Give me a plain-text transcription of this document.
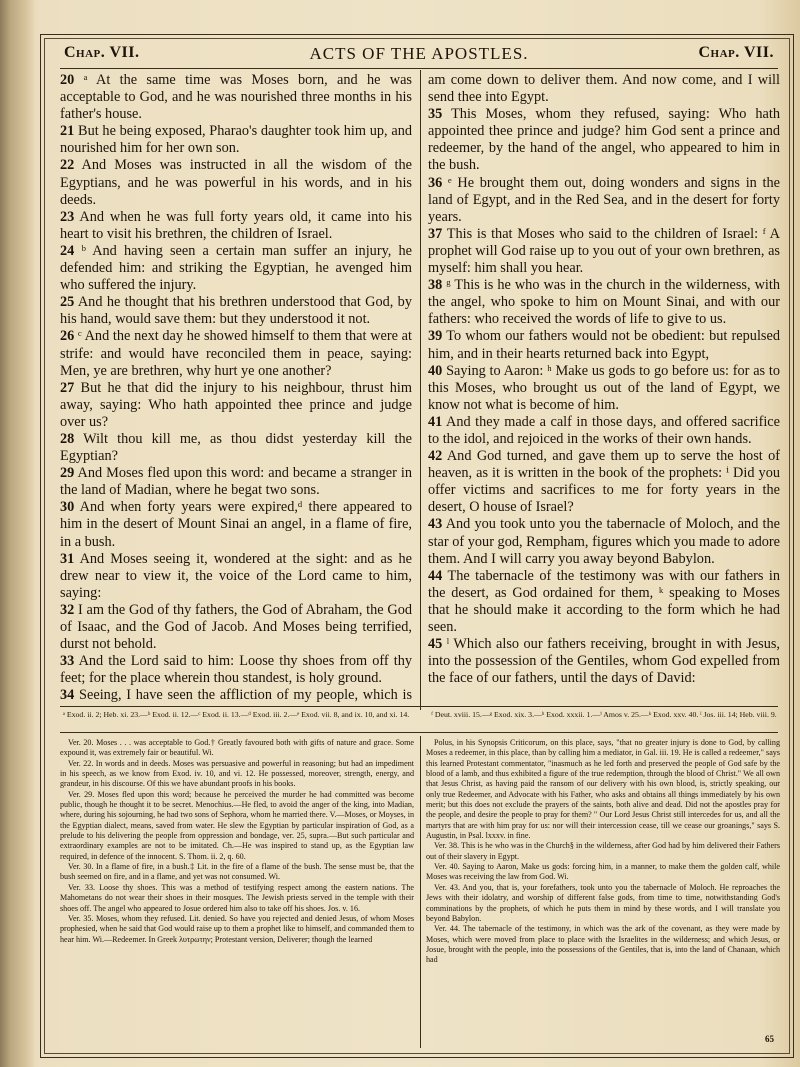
Chap. VII.	ACTS OF THE APOSTLES.	Chap. VII.

20 ᵃ At the same time was Moses born, and he was acceptable to God, and he was nourished three months in his father's house.

21 But he being exposed, Pharao's daughter took him up, and nourished him for her own son.

22 And Moses was instructed in all the wisdom of the Egyptians, and he was powerful in his words, and in his deeds.

23 And when he was full forty years old, it came into his heart to visit his brethren, the children of Israel.

24 ᵇ And having seen a certain man suffer an injury, he defended him: and striking the Egyptian, he avenged him who suffered the injury.

25 And he thought that his brethren understood that God, by his hand, would save them: but they understood it not.

26 ᶜ And the next day he showed himself to them that were at strife: and would have reconciled them in peace, saying: Men, ye are brethren, why hurt ye one another?

27 But he that did the injury to his neighbour, thrust him away, saying: Who hath appointed thee prince and judge over us?

28 Wilt thou kill me, as thou didst yesterday kill the Egyptian?

29 And Moses fled upon this word: and became a stranger in the land of Madian, where he begat two sons.

30 And when forty years were expired,ᵈ there appeared to him in the desert of Mount Sinai an angel, in a flame of fire, in a bush.

31 And Moses seeing it, wondered at the sight: and as he drew near to view it, the voice of the Lord came to him, saying:

32 I am the God of thy fathers, the God of Abraham, the God of Isaac, and the God of Jacob. And Moses being terrified, durst not behold.

33 And the Lord said to him: Loose thy shoes from off thy feet; for the place wherein thou standest, is holy ground.

34 Seeing, I have seen the affliction of my people, which is

am come down to deliver them. And now come, and I will send thee into Egypt.

35 This Moses, whom they refused, saying: Who hath appointed thee prince and judge? him God sent a prince and redeemer, by the hand of the angel, who appeared to him in the bush.

36 ᵉ He brought them out, doing wonders and signs in the land of Egypt, and in the Red Sea, and in the desert for forty years.

37 This is that Moses who said to the children of Israel: ᶠ A prophet will God raise up to you out of your own brethren, as myself: him shall you hear.

38 ᵍ This is he who was in the church in the wilderness, with the angel, who spoke to him on Mount Sinai, and with our fathers: who received the words of life to give to us.

39 To whom our fathers would not be obedient: but repulsed him, and in their hearts returned back into Egypt,

40 Saying to Aaron: ʰ Make us gods to go before us: for as to this Moses, who brought us out of the land of Egypt, we know not what is become of him.

41 And they made a calf in those days, and offered sacrifice to the idol, and rejoiced in the works of their own hands.

42 And God turned, and gave them up to serve the host of heaven, as it is written in the book of the prophets: ⁱ Did you offer victims and sacrifices to me for forty years in the desert, O house of Israel?

43 And you took unto you the tabernacle of Moloch, and the star of your god, Rempham, figures which you made to adore them. And I will carry you away beyond Babylon.

44 The tabernacle of the testimony was with our fathers in the desert, as God ordained for them, ᵏ speaking to Moses that he should make it according to the form which he had seen.

45 ˡ Which also our fathers receiving, brought in with Jesus, into the possession of the Gentiles, whom God expelled from the face of our fathers, until the days of David:

ᵃ Exod. ii. 2; Heb. xi. 23.—ᵇ Exod. ii. 12.—ᶜ Exod. ii. 13.—ᵈ Exod. iii. 2.—ᵉ Exod. vii. 8, and ix. 10, and xi. 14.	ᶠ Deut. xviii. 15.—ᵍ Exod. xix. 3.—ʰ Exod. xxxii. 1.—ⁱ Amos v. 25.—ᵏ Exod. xxv. 40. ˡ Jos. iii. 14; Heb. viii. 9.

Ver. 20. Moses . . . was acceptable to God.† Greatly favoured both with gifts of nature and grace. Some expound it, was extremely fair or beautiful. Wi.

Ver. 22. In words and in deeds. Moses was persuasive and powerful in reasoning; but had an impediment in his speech, as we know from Exod. iv. 10, and vi. 12. He possessed, moreover, strength, energy, and grandeur, in his discourse. Of this we have abundant proofs in his books.

Ver. 29. Moses fled upon this word; because he perceived the murder he had committed was become public, though he thought it to be secret. Menochius.—He fled, to avoid the anger of the king, into Madian, where, during his sojourning, he had two sons of Sephora, whom he married there. V.—Moses, or Moyses, in the Egyptian dialect, means, saved from water. He slew the Egyptian by particular inspiration of God, as a prelude to his delivering the people from oppression and bondage, ver. 25, supra.—But such particular and extraordinary examples are not to be imitated. Ch.—He was inspired to stand up, as the Egyptian law required, in defence of the innocent. S. Thom. ii. 2, q. 60.

Ver. 30. In a flame of fire, in a bush.‡ Lit. in the fire of a flame of the bush. The sense must be, that the bush seemed on fire, and in a flame, and yet was not consumed. Wi.

Ver. 33. Loose thy shoes. This was a method of testifying respect among the eastern nations. The Mahometans do not wear their shoes in their mosques. The Jewish priests served in the temple with their shoes off. The angel who appeared to Josue ordered him also to take off his shoes. Jos. v. 16.

Ver. 35. Moses, whom they refused. Lit. denied. So have you rejected and denied Jesus, of whom Moses prophesied, when he said that God would raise up to them a prophet like to himself, and commanded them to hear him. Wi.—Redeemer. In Greek λυτρωτην; Protestant version, Deliverer; though the learned

Polus, in his Synopsis Criticorum, on this place, says, "that no greater injury is done to God, by calling Moses a redeemer, in this place, than by calling him a mediator, in Gal. iii. 19. He is called a redeemer," says this learned Protestant commentator, "inasmuch as he led forth and preserved the people of God safe by the blood of a lamb, and thus exhibited a figure of the true redemption, through the blood of Christ." We all own that Jesus Christ, as having paid the ransom of our delivery with his own blood, is, strictly speaking, our only true Redeemer, and Advocate with his Father, who asks and obtains all things immediately by his own merit; but this does not exclude the prayers of the saints, both alive and dead. Did not the apostles pray for the people, and desire the people to pray for them? " Our Lord Jesus Christ still intercedes for us, and all the martyrs that are with him pray for us: nor will their intercession cease, till we cease our groanings," says S. Augustin, in Psal. lxxxv. in fine.

Ver. 38. This is he who was in the Church§ in the wilderness, after God had by him delivered their Fathers out of their slavery in Egypt.

Ver. 40. Saying to Aaron, Make us gods: forcing him, in a manner, to make them the golden calf, while Moses was receiving the law from God. Wi.

Ver. 43. And you, that is, your forefathers, took unto you the tabernacle of Moloch. He reproaches the Jews with their idolatry, and worship of different false gods, from time to time, notwithstanding God's comminations by the prophets, of which he puts them in mind by these words, and I will translate you beyond Babylon.

Ver. 44. The tabernacle of the testimony, in which was the ark of the covenant, as they were made by Moses, which were moved from place to place with the Israelites in the wilderness; and which Jesus, or Josue, brought with the people, into the possessions of the Gentiles, that is, into the land of Chanaan, which had

65
